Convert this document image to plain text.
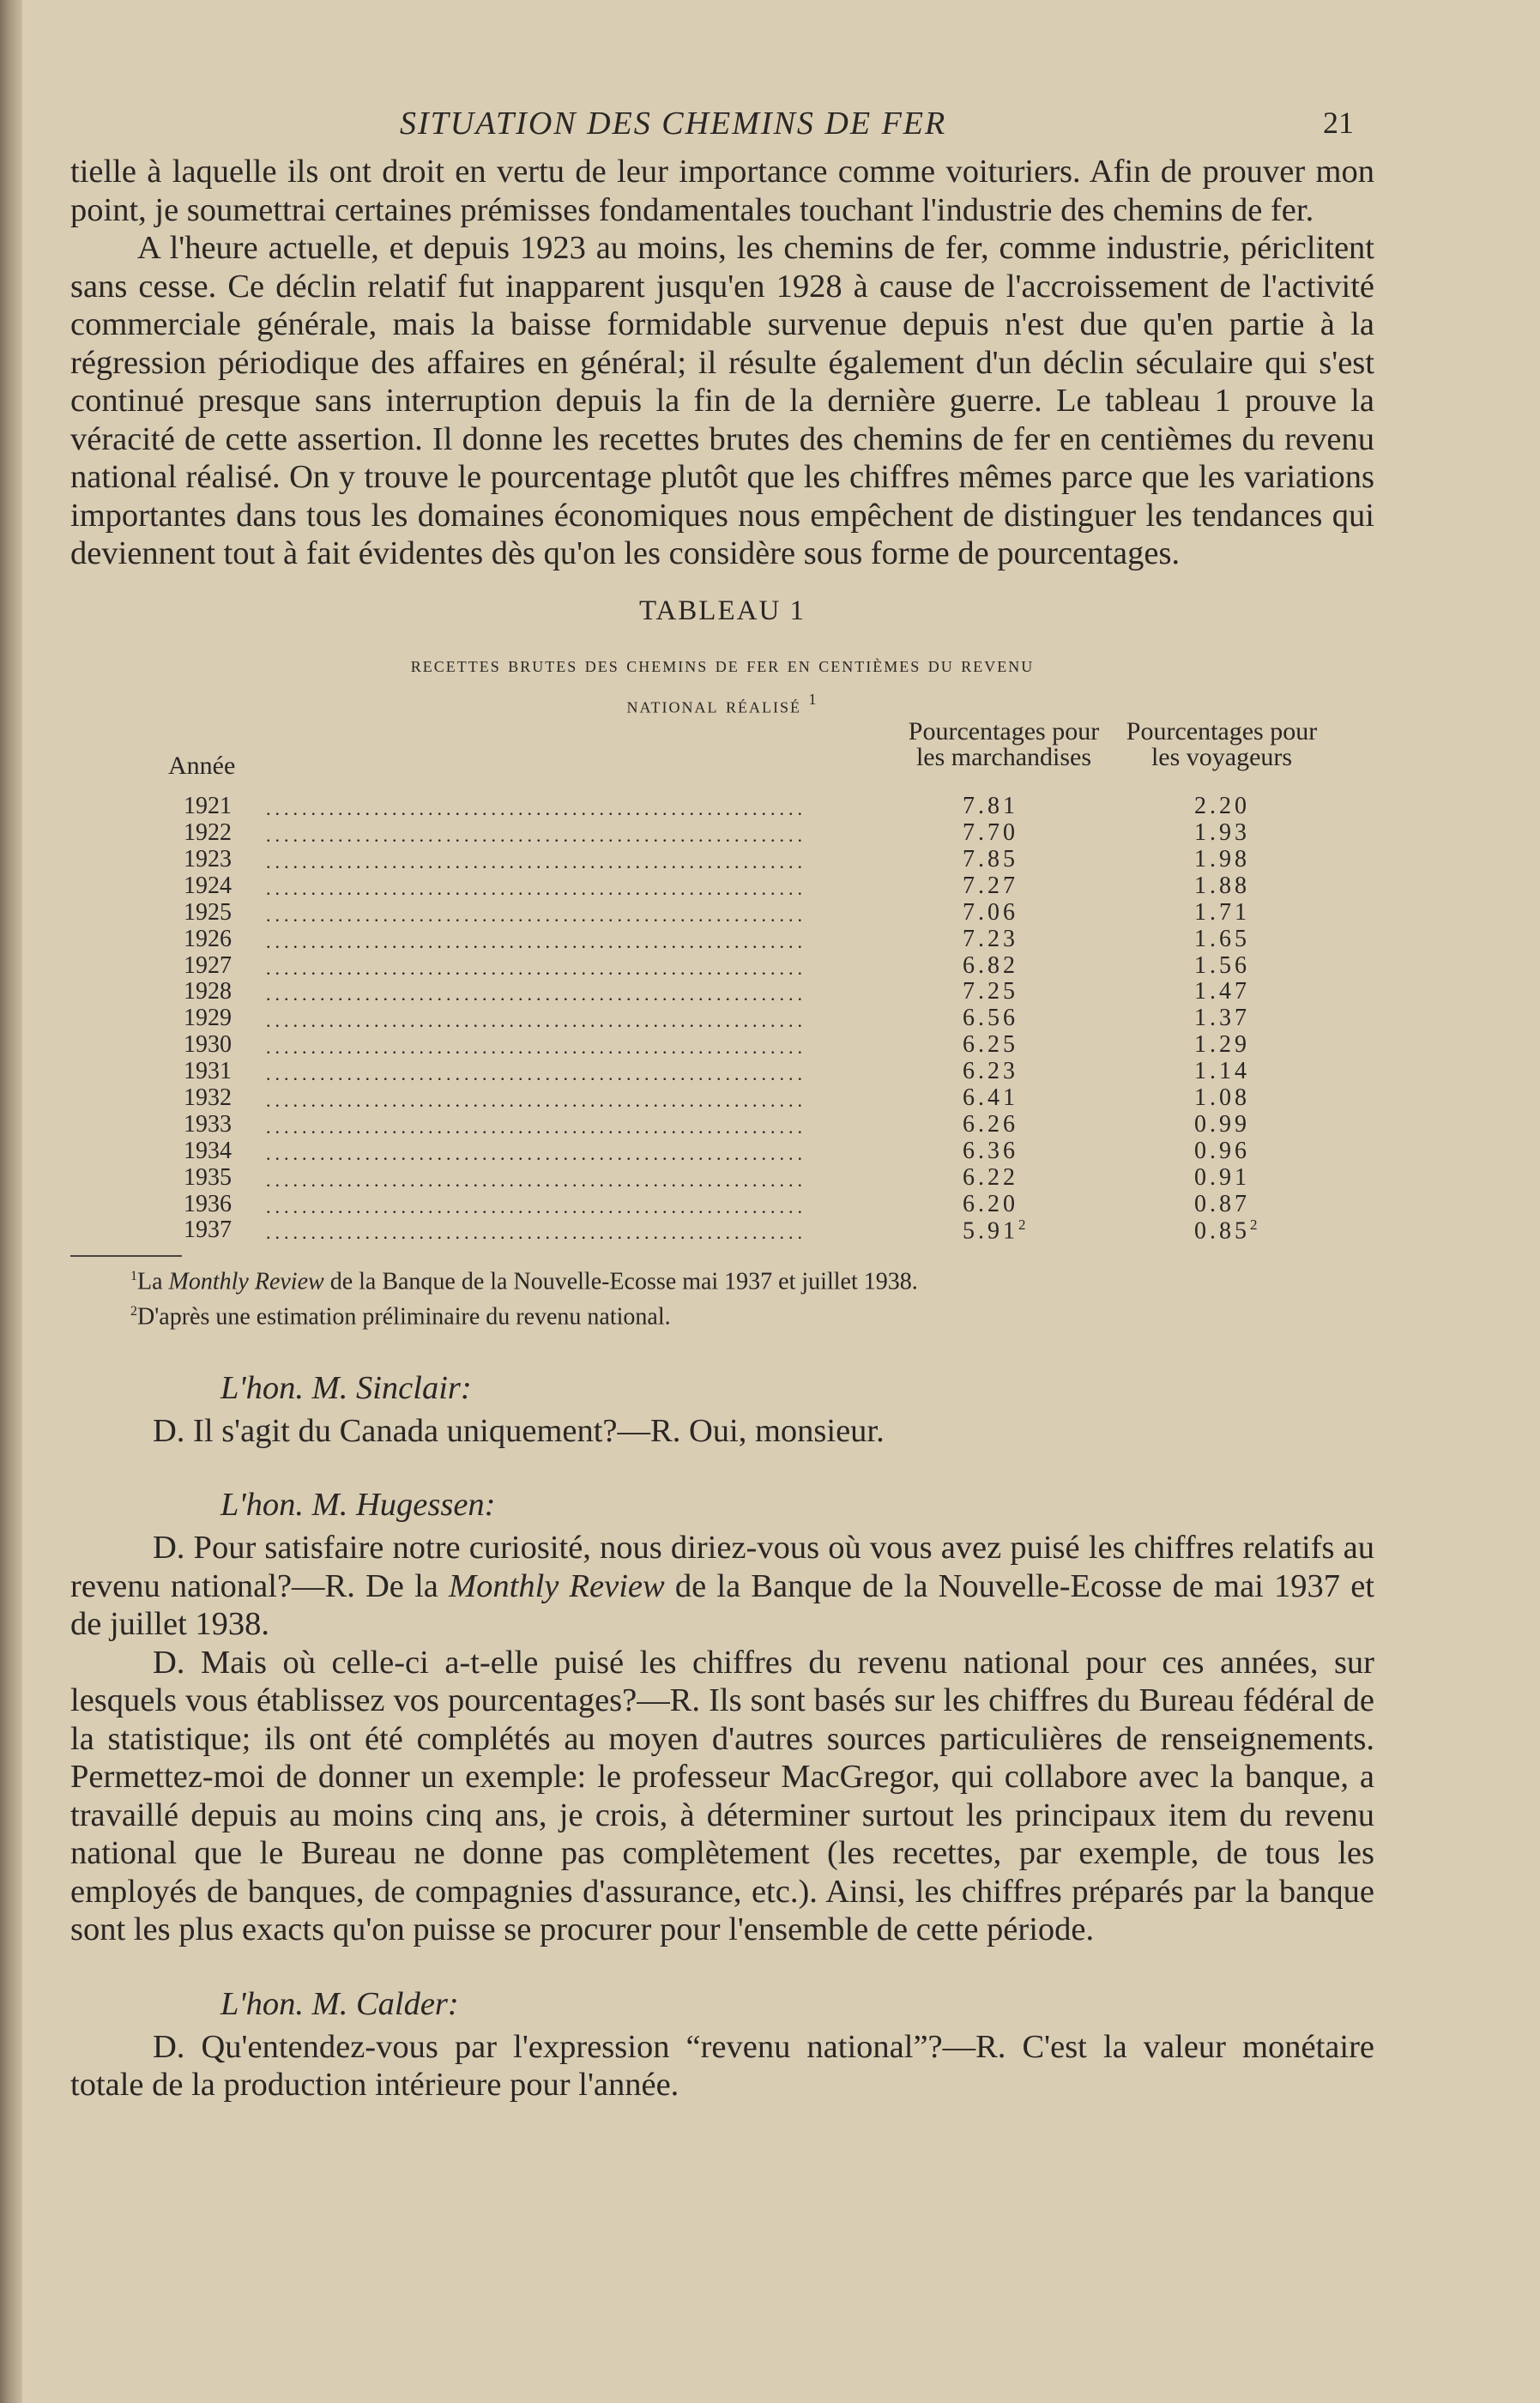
SITUATION DES CHEMINS DE FER	21

tielle à laquelle ils ont droit en vertu de leur importance comme voituriers. Afin de prouver mon point, je soumettrai certaines prémisses fondamentales touchant l'industrie des chemins de fer.

A l'heure actuelle, et depuis 1923 au moins, les chemins de fer, comme industrie, périclitent sans cesse. Ce déclin relatif fut inapparent jusqu'en 1928 à cause de l'accroissement de l'activité commerciale générale, mais la baisse formidable survenue depuis n'est due qu'en partie à la régression périodique des affaires en général; il résulte également d'un déclin séculaire qui s'est continué presque sans interruption depuis la fin de la dernière guerre. Le tableau 1 prouve la véracité de cette assertion. Il donne les recettes brutes des chemins de fer en centièmes du revenu national réalisé. On y trouve le pourcentage plutôt que les chiffres mêmes parce que les variations importantes dans tous les domaines économiques nous empêchent de distinguer les tendances qui deviennent tout à fait évidentes dès qu'on les considère sous forme de pourcentages.

TABLEAU 1
recettes brutes des chemins de fer en centièmes du revenu
national réalisé $^1$
Année
Pourcentages pour les marchandises
Pourcentages pour les voyageurs
1921 ............................................................	7.81	2.20
1922 ............................................................	7.70	1.93
1923 ............................................................	7.85	1.98
1924 ............................................................	7.27	1.88
1925 ............................................................	7.06	1.71
1926 ............................................................	7.23	1.65
1927 ............................................................	6.82	1.56
1928 ............................................................	7.25	1.47
1929 ............................................................	6.56	1.37
1930 ............................................................	6.25	1.29
1931 ............................................................	6.23	1.14
1932 ............................................................	6.41	1.08
1933 ............................................................	6.26	0.99
1934 ............................................................	6.36	0.96
1935 ............................................................	6.22	0.91
1936 ............................................................	6.20	0.87
1937 ............................................................	5.91$^2$	0.85$^2$
$^1$La Monthly Review de la Banque de la Nouvelle-Ecosse mai 1937 et juillet 1938.
$^2$D'après une estimation préliminaire du revenu national.
L'hon. M. Sinclair:

D. Il s'agit du Canada uniquement?—R. Oui, monsieur.

L'hon. M. Hugessen:

D. Pour satisfaire notre curiosité, nous diriez-vous où vous avez puisé les chiffres relatifs au revenu national?—R. De la Monthly Review de la Banque de la Nouvelle-Ecosse de mai 1937 et de juillet 1938.

D. Mais où celle-ci a-t-elle puisé les chiffres du revenu national pour ces années, sur lesquels vous établissez vos pourcentages?—R. Ils sont basés sur les chiffres du Bureau fédéral de la statistique; ils ont été complétés au moyen d'autres sources particulières de renseignements. Permettez-moi de donner un exemple: le professeur MacGregor, qui collabore avec la banque, a travaillé depuis au moins cinq ans, je crois, à déterminer surtout les principaux item du revenu national que le Bureau ne donne pas complètement (les recettes, par exemple, de tous les employés de banques, de compagnies d'assurance, etc.). Ainsi, les chiffres préparés par la banque sont les plus exacts qu'on puisse se procurer pour l'ensemble de cette période.

L'hon. M. Calder:

D. Qu'entendez-vous par l'expression “revenu national”?—R. C'est la valeur monétaire totale de la production intérieure pour l'année.
